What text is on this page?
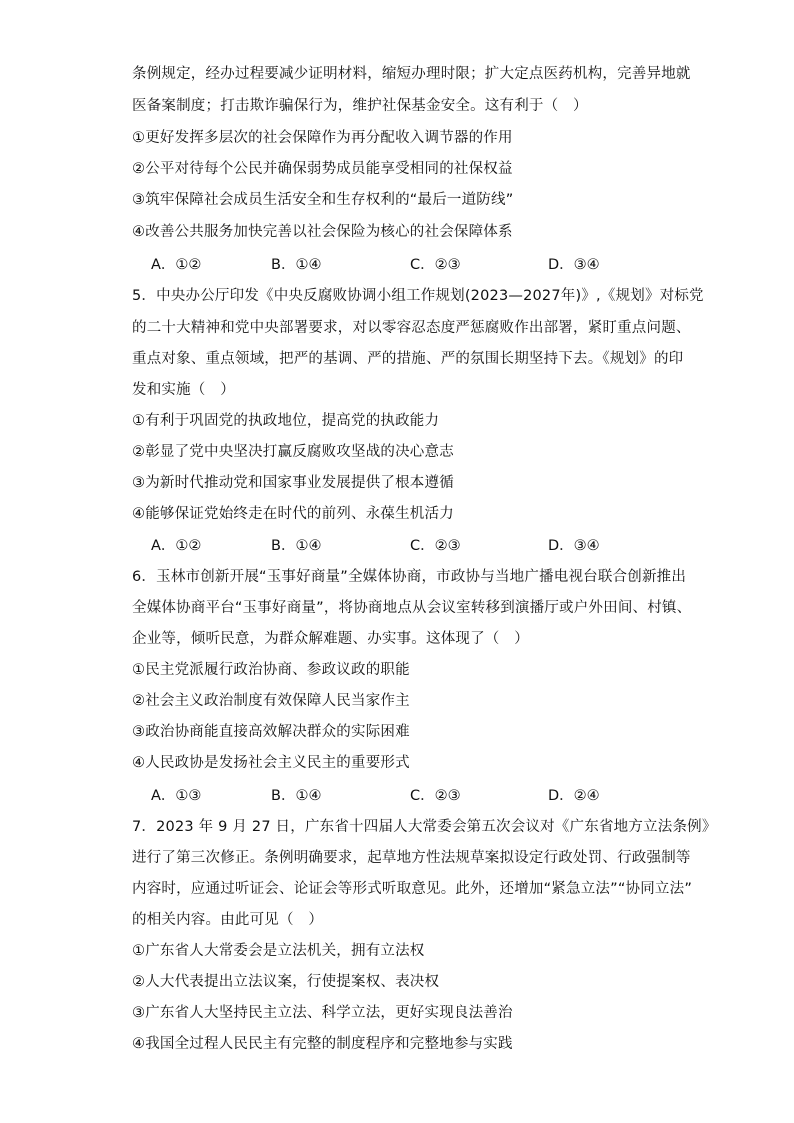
条例规定，经办过程要减少证明材料，缩短办理时限；扩大定点医药机构，完善异地就
医备案制度；打击欺诈骗保行为，维护社保基金安全。这有利于（　）
①更好发挥多层次的社会保障作为再分配收入调节器的作用
②公平对待每个公民并确保弱势成员能享受相同的社保权益
③筑牢保障社会成员生活安全和生存权利的“最后一道防线”
④改善公共服务加快完善以社会保险为核心的社会保障体系
A．①②	B．①④	C．②③	D．③④
5．中央办公厅印发《中央反腐败协调小组工作规划(2023—2027年)》,《规划》对标党
的二十大精神和党中央部署要求，对以零容忍态度严惩腐败作出部署，紧盯重点问题、
重点对象、重点领域，把严的基调、严的措施、严的氛围长期坚持下去。《规划》的印
发和实施（　）
①有利于巩固党的执政地位，提高党的执政能力
②彰显了党中央坚决打赢反腐败攻坚战的决心意志
③为新时代推动党和国家事业发展提供了根本遵循
④能够保证党始终走在时代的前列、永葆生机活力
A．①②	B．①④	C．②③	D．③④
6．玉林市创新开展“玉事好商量”全媒体协商，市政协与当地广播电视台联合创新推出
全媒体协商平台“玉事好商量”，将协商地点从会议室转移到演播厅或户外田间、村镇、
企业等，倾听民意，为群众解难题、办实事。这体现了（　）
①民主党派履行政治协商、参政议政的职能
②社会主义政治制度有效保障人民当家作主
③政治协商能直接高效解决群众的实际困难
④人民政协是发扬社会主义民主的重要形式
A．①③	B．①④	C．②③	D．②④
7．2023 年 9 月 27 日，广东省十四届人大常委会第五次会议对《广东省地方立法条例》
进行了第三次修正。条例明确要求，起草地方性法规草案拟设定行政处罚、行政强制等
内容时，应通过听证会、论证会等形式听取意见。此外，还增加“紧急立法”“协同立法”
的相关内容。由此可见（　）
①广东省人大常委会是立法机关，拥有立法权
②人大代表提出立法议案，行使提案权、表决权
③广东省人大坚持民主立法、科学立法，更好实现良法善治
④我国全过程人民民主有完整的制度程序和完整地参与实践
